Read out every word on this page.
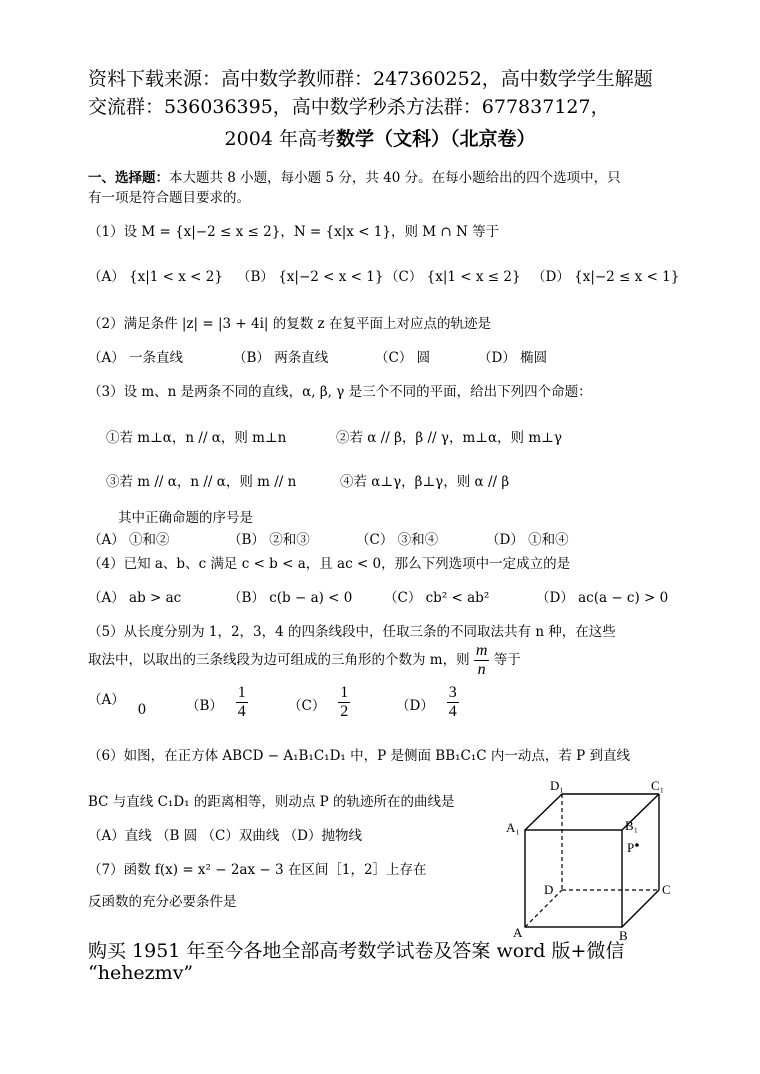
资料下载来源：高中数学教师群：247360252，高中数学学生解题
交流群：536036395，高中数学秒杀方法群：677837127，
2004 年高考数学（文科）（北京卷）
一、选择题：本大题共 8 小题，每小题 5 分，共 40 分。在每小题给出的四个选项中，只
有一项是符合题目要求的。
（1）设 M = {x|−2 ≤ x ≤ 2}，N = {x|x < 1}，则 M ∩ N 等于
（A） {x|1 < x < 2} （B） {x|−2 < x < 1} （C） {x|1 < x ≤ 2} （D） {x|−2 ≤ x < 1}
（2）满足条件 |z| = |3 + 4i| 的复数 z 在复平面上对应点的轨迹是
（A） 一条直线	（B） 两条直线	（C） 圆	（D） 椭圆
（3）设 m、n 是两条不同的直线，α, β, γ 是三个不同的平面，给出下列四个命题：
①若 m⊥α，n // α，则 m⊥n	②若 α // β，β // γ，m⊥α，则 m⊥γ
③若 m // α，n // α，则 m // n	④若 α⊥γ，β⊥γ，则 α // β
其中正确命题的序号是
（A） ①和②	（B） ②和③	（C） ③和④	（D） ①和④
（4）已知 a、b、c 满足 c < b < a，且 ac < 0，那么下列选项中一定成立的是
（A） ab > ac	（B） c(b − a) < 0 （C） cb² < ab²	（D） ac(a − c) > 0
（5）从长度分别为 1，2，3，4 的四条线段中，任取三条的不同取法共有 n 种，在这些
取法中，以取出的三条线段为边可组成的三角形的个数为 m，则 $\frac{m}{n}$ 等于
（A）   0	$(B) \frac{1}{4}$	$(C) \frac{1}{2}$	$(D) \frac{3}{4}$
（6）如图，在正方体 ABCD − A₁B₁C₁D₁ 中，P 是侧面 BB₁C₁C 内一动点，若 P 到直线
BC 与直线 C₁D₁ 的距离相等，则动点 P 的轨迹所在的曲线是
（A）直线 （B 圆 （C）双曲线 （D）抛物线
（7）函数 f(x) = x² − 2ax − 3 在区间［1，2］上存在
反函数的充分必要条件是
D₁	C₁
A₁	B₁
P
D	C
A	B
购买 1951 年至今各地全部高考数学试卷及答案 word 版+微信
“hehezmv”
